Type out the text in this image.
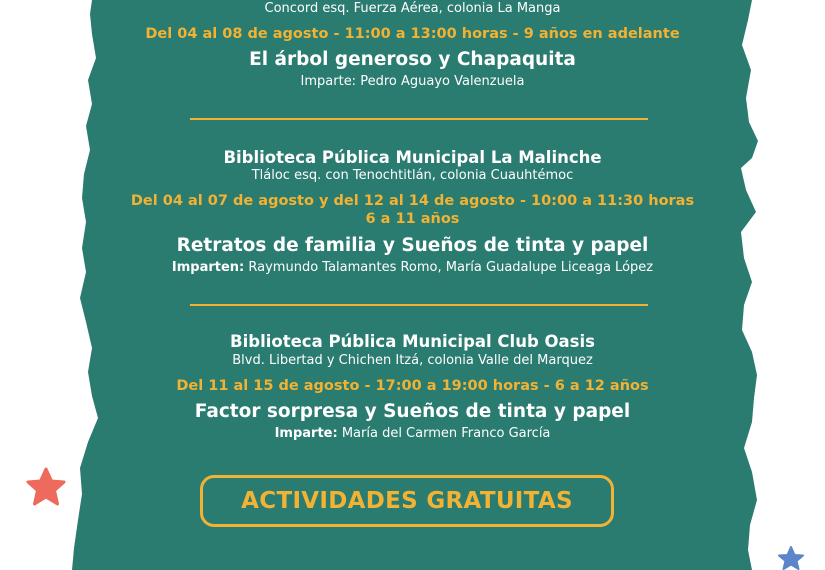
Concord esq. Fuerza Aérea, colonia La Manga
Del 04 al 08 de agosto - 11:00 a 13:00 horas - 9 años en adelante
El árbol generoso y Chapaquita
Imparte: Pedro Aguayo Valenzuela
Biblioteca Pública Municipal La Malinche
Tláloc esq. con Tenochtitlán, colonia Cuauhtémoc
Del 04 al 07 de agosto y del 12 al 14 de agosto - 10:00 a 11:30 horas
6 a 11 años
Retratos de familia y Sueños de tinta y papel
Imparten: Raymundo Talamantes Romo, María Guadalupe Liceaga López
Biblioteca Pública Municipal Club Oasis
Blvd. Libertad y Chichen Itzá, colonia Valle del Marquez
Del 11 al 15 de agosto - 17:00 a 19:00 horas - 6 a 12 años
Factor sorpresa y Sueños de tinta y papel
Imparte: María del Carmen Franco García
ACTIVIDADES GRATUITAS
